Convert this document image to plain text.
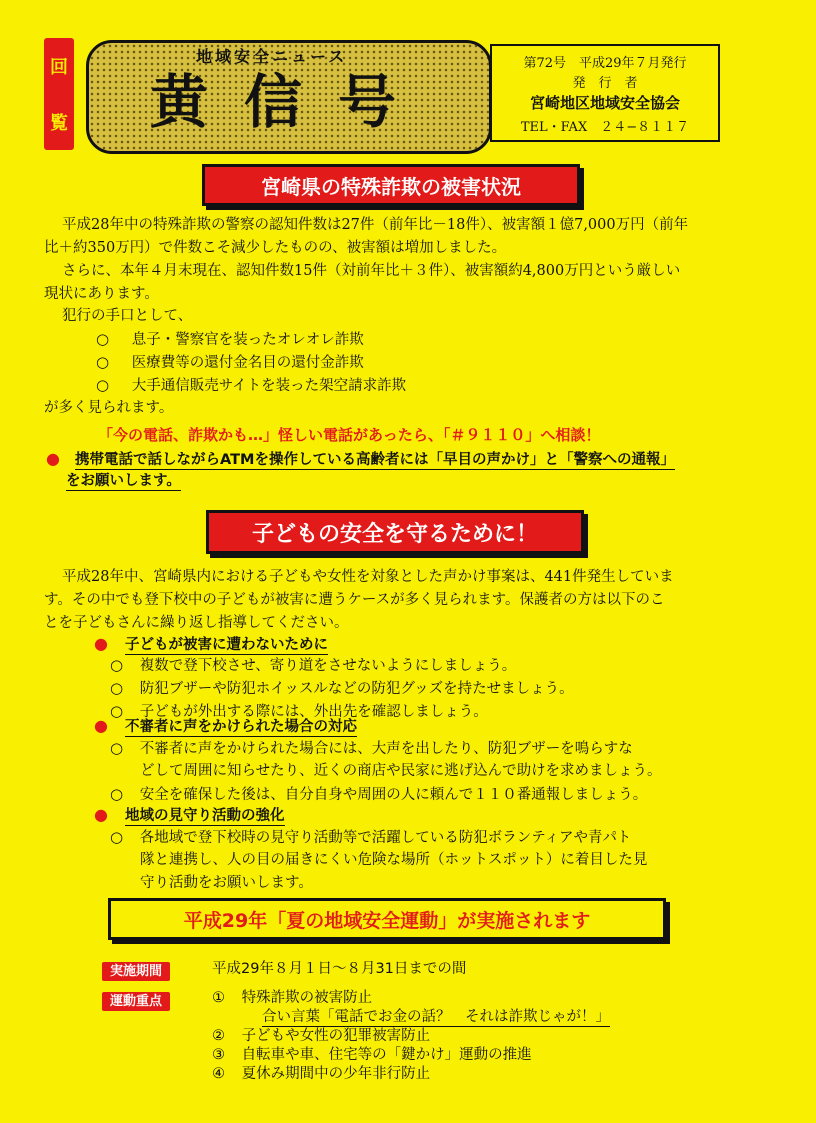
回
覧
地域安全ニュース
黄信号
第72号　平成29年７月発行
発　行　者
宮崎地区地域安全協会
TEL・FAX　２４−８１１７
宮崎県の特殊詐欺の被害状況
平成28年中の特殊詐欺の警察の認知件数は27件（前年比－18件）、被害額１億7,000万円（前年
比＋約350万円）で件数こそ減少したものの、被害額は増加しました。
さらに、本年４月末現在、認知件数15件（対前年比＋３件）、被害額約4,800万円という厳しい
現状にあります。
犯行の手口として、
○ 息子・警察官を装ったオレオレ詐欺
○ 医療費等の還付金名目の還付金詐欺
○ 大手通信販売サイトを装った架空請求詐欺
が多く見られます。
「今の電話、詐欺かも…」怪しい電話があったら、「＃９１１０」へ相談！
● 携帯電話で話しながらATMを操作している高齢者には「早目の声かけ」と「警察への通報」
をお願いします。
子どもの安全を守るために！
平成28年中、宮崎県内における子どもや女性を対象とした声かけ事案は、441件発生していま
す。その中でも登下校中の子どもが被害に遭うケースが多く見られます。保護者の方は以下のこ
とを子どもさんに繰り返し指導してください。
● 子どもが被害に遭わないために
○ 複数で登下校させ、寄り道をさせないようにしましょう。
○ 防犯ブザーや防犯ホイッスルなどの防犯グッズを持たせましょう。
○ 子どもが外出する際には、外出先を確認しましょう。
● 不審者に声をかけられた場合の対応
○ 不審者に声をかけられた場合には、大声を出したり、防犯ブザーを鳴らすな
どして周囲に知らせたり、近くの商店や民家に逃げ込んで助けを求めましょう。
○ 安全を確保した後は、自分自身や周囲の人に頼んで１１０番通報しましょう。
● 地域の見守り活動の強化
○ 各地域で登下校時の見守り活動等で活躍している防犯ボランティアや青パト
隊と連携し、人の目の届きにくい危険な場所（ホットスポット）に着目した見
守り活動をお願いします。
平成29年「夏の地域安全運動」が実施されます
実施期間	平成29年８月１日～８月31日までの間
運動重点	① 特殊詐欺の被害防止
合い言葉「電話でお金の話？　それは詐欺じゃが！」
② 子どもや女性の犯罪被害防止
③ 自転車や車、住宅等の「鍵かけ」運動の推進
④ 夏休み期間中の少年非行防止
